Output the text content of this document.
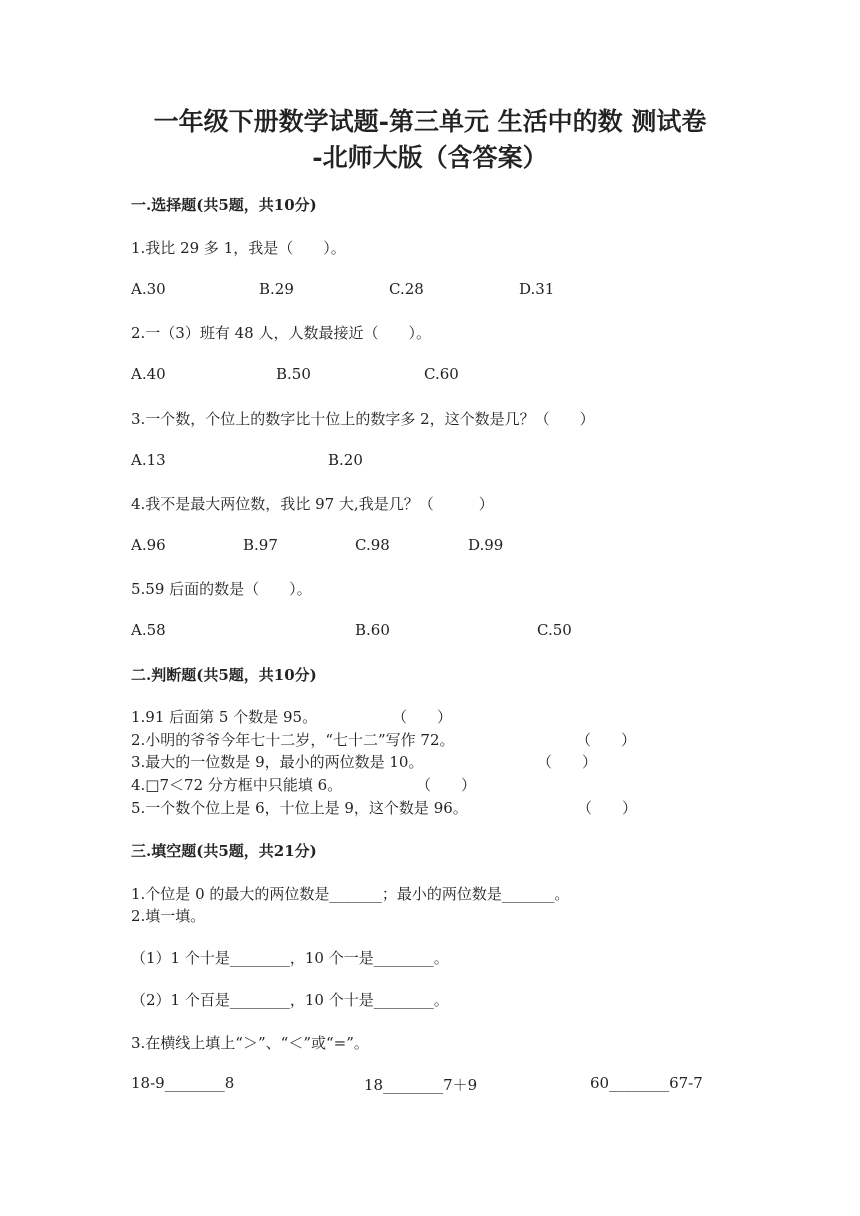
一年级下册数学试题-第三单元 生活中的数 测试卷
-北师大版（含答案）
一.选择题(共5题，共10分)
1.我比 29 多 1，我是（　　）。
A.30	B.29	C.28	D.31
2.一（3）班有 48 人，人数最接近（　　）。
A.40	B.50	C.60
3.一个数，个位上的数字比十位上的数字多 2，这个数是几？（　　）
A.13	B.20
4.我不是最大两位数，我比 97 大,我是几？（　　　）
A.96	B.97	C.98	D.99
5.59 后面的数是（　　）。
A.58	B.60	C.50
二.判断题(共5题，共10分)
1.91 后面第 5 个数是 95。	（　　）
2.小明的爷爷今年七十二岁，“七十二”写作 72。	（　　）
3.最大的一位数是 9，最小的两位数是 10。	（　　）
4.□7＜72 分方框中只能填 6。	（　　）
5.一个数个位上是 6，十位上是 9，这个数是 96。	（　　）
三.填空题(共5题，共21分)
1.个位是 0 的最大的两位数是_______；最小的两位数是_______。
2.填一填。
（1）1 个十是________，10 个一是________。
（2）1 个百是________，10 个十是________。
3.在横线上填上“＞”、“＜”或“=”。
18-9________8	18________7＋9	60________67-7
